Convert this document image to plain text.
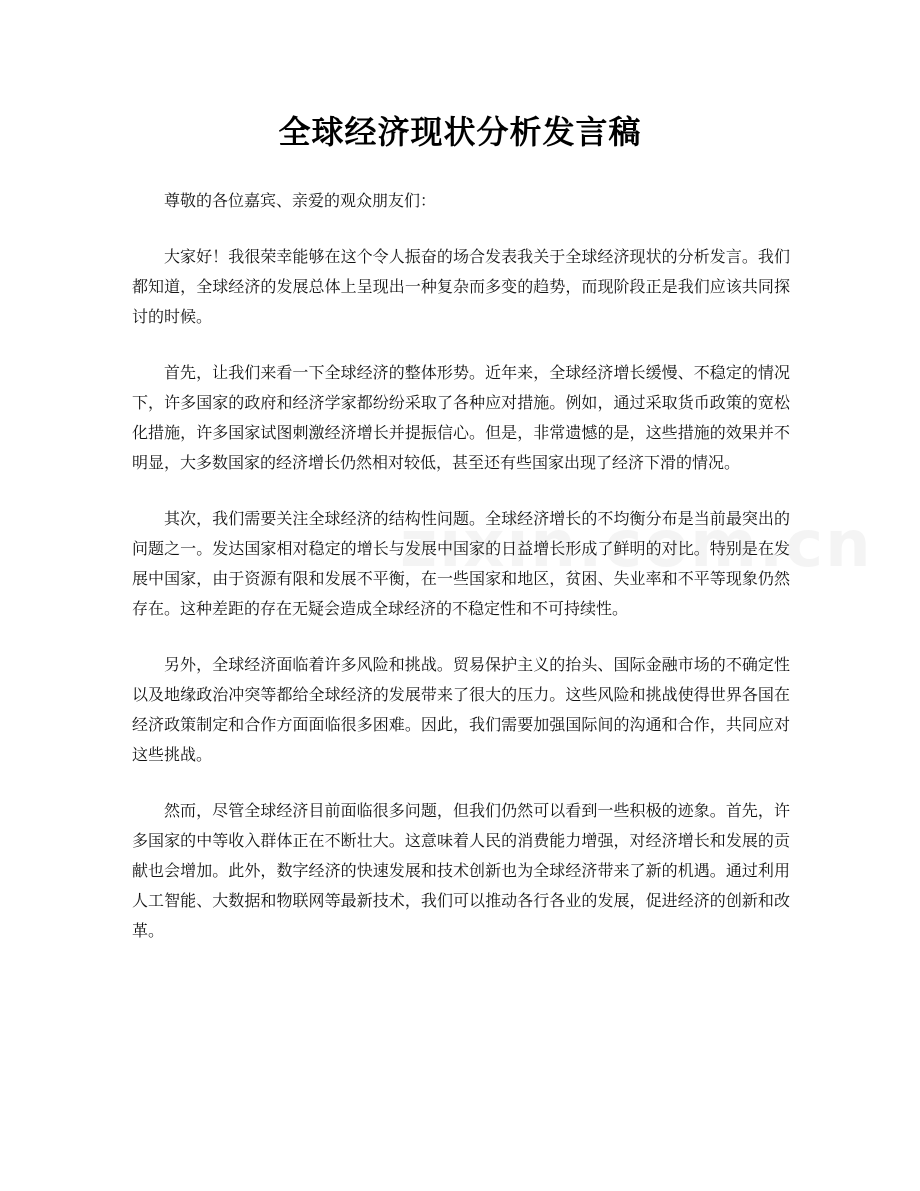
全球经济现状分析发言稿

尊敬的各位嘉宾、亲爱的观众朋友们：

大家好！我很荣幸能够在这个令人振奋的场合发表我关于全球经济现状的分析发言。我们都知道，全球经济的发展总体上呈现出一种复杂而多变的趋势，而现阶段正是我们应该共同探讨的时候。

首先，让我们来看一下全球经济的整体形势。近年来，全球经济增长缓慢、不稳定的情况下，许多国家的政府和经济学家都纷纷采取了各种应对措施。例如，通过采取货币政策的宽松化措施，许多国家试图刺激经济增长并提振信心。但是，非常遗憾的是，这些措施的效果并不明显，大多数国家的经济增长仍然相对较低，甚至还有些国家出现了经济下滑的情况。

其次，我们需要关注全球经济的结构性问题。全球经济增长的不均衡分布是当前最突出的问题之一。发达国家相对稳定的增长与发展中国家的日益增长形成了鲜明的对比。特别是在发展中国家，由于资源有限和发展不平衡，在一些国家和地区，贫困、失业率和不平等现象仍然存在。这种差距的存在无疑会造成全球经济的不稳定性和不可持续性。

另外，全球经济面临着许多风险和挑战。贸易保护主义的抬头、国际金融市场的不确定性以及地缘政治冲突等都给全球经济的发展带来了很大的压力。这些风险和挑战使得世界各国在经济政策制定和合作方面面临很多困难。因此，我们需要加强国际间的沟通和合作，共同应对这些挑战。

然而，尽管全球经济目前面临很多问题，但我们仍然可以看到一些积极的迹象。首先，许多国家的中等收入群体正在不断壮大。这意味着人民的消费能力增强，对经济增长和发展的贡献也会增加。此外，数字经济的快速发展和技术创新也为全球经济带来了新的机遇。通过利用人工智能、大数据和物联网等最新技术，我们可以推动各行各业的发展，促进经济的创新和改革。
